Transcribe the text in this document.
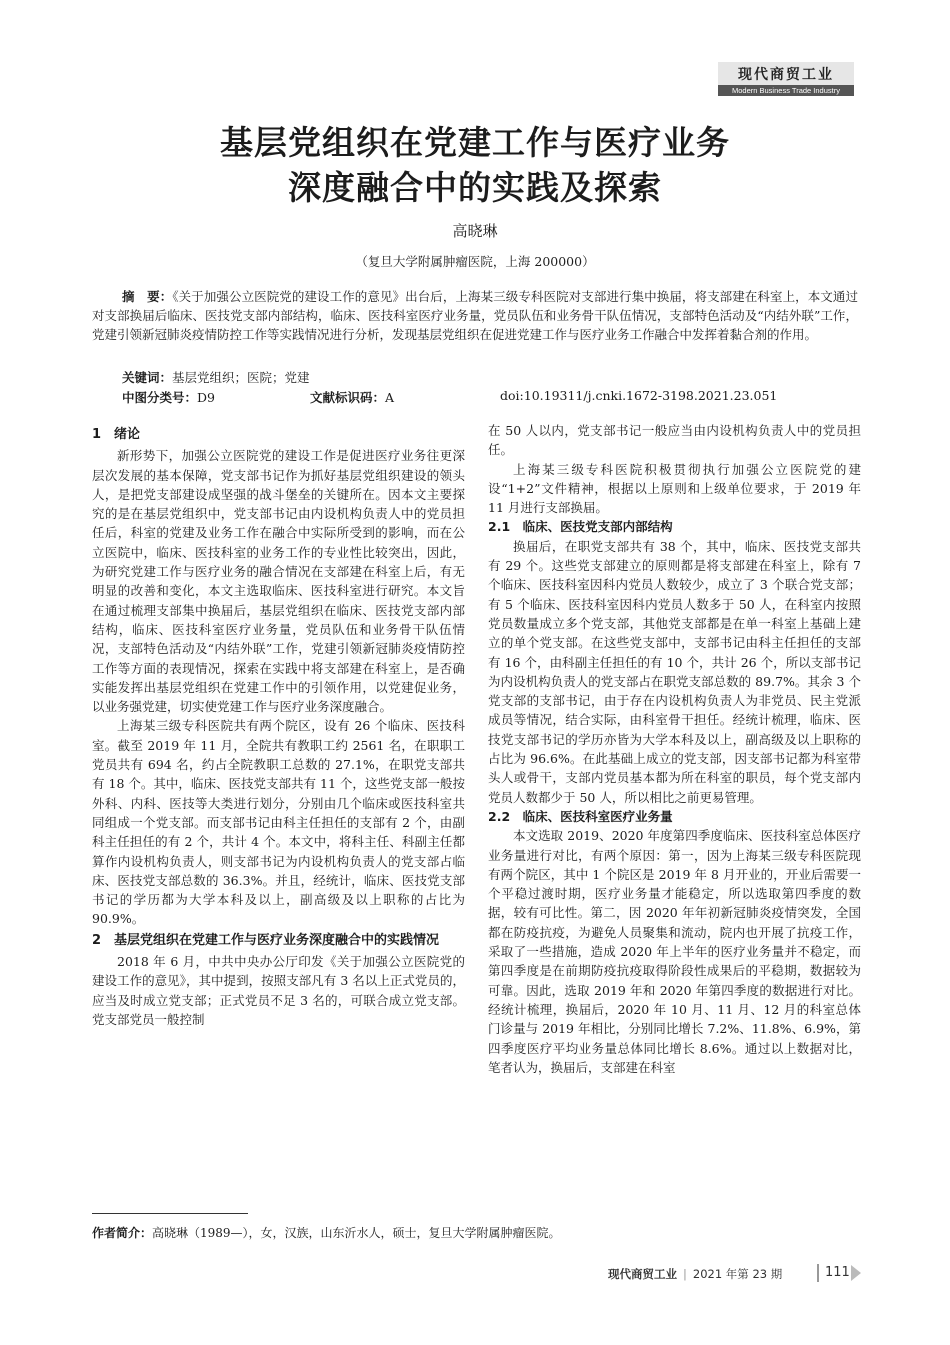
现代商贸工业
Modern Business Trade Industry
基层党组织在党建工作与医疗业务
深度融合中的实践及探索
高晓琳
（复旦大学附属肿瘤医院，上海 200000）
摘　要：《关于加强公立医院党的建设工作的意见》出台后，上海某三级专科医院对支部进行集中换届，将支部建在科室上，本文通过对支部换届后临床、医技党支部内部结构，临床、医技科室医疗业务量，党员队伍和业务骨干队伍情况，支部特色活动及“内结外联”工作，党建引领新冠肺炎疫情防控工作等实践情况进行分析，发现基层党组织在促进党建工作与医疗业务工作融合中发挥着黏合剂的作用。
关键词：基层党组织；医院；党建
中图分类号：D9	文献标识码：A	doi:10.19311/j.cnki.1672-3198.2021.23.051
1　绪论

新形势下，加强公立医院党的建设工作是促进医疗业务往更深层次发展的基本保障，党支部书记作为抓好基层党组织建设的领头人，是把党支部建设成坚强的战斗堡垒的关键所在。因本文主要探究的是在基层党组织中，党支部书记由内设机构负责人中的党员担任后，科室的党建及业务工作在融合中实际所受到的影响，而在公立医院中，临床、医技科室的业务工作的专业性比较突出，因此，为研究党建工作与医疗业务的融合情况在支部建在科室上后，有无明显的改善和变化，本文主选取临床、医技科室进行研究。本文旨在通过梳理支部集中换届后，基层党组织在临床、医技党支部内部结构，临床、医技科室医疗业务量，党员队伍和业务骨干队伍情况，支部特色活动及“内结外联”工作，党建引领新冠肺炎疫情防控工作等方面的表现情况，探索在实践中将支部建在科室上，是否确实能发挥出基层党组织在党建工作中的引领作用，以党建促业务，以业务强党建，切实使党建工作与医疗业务深度融合。

上海某三级专科医院共有两个院区，设有 26 个临床、医技科室。截至 2019 年 11 月，全院共有教职工约 2561 名，在职职工党员共有 694 名，约占全院教职工总数的 27.1%，在职党支部共有 18 个。其中，临床、医技党支部共有 11 个，这些党支部一般按外科、内科、医技等大类进行划分，分别由几个临床或医技科室共同组成一个党支部。而支部书记由科主任担任的支部有 2 个，由副科主任担任的有 2 个，共计 4 个。本文中，将科主任、科副主任都算作内设机构负责人，则支部书记为内设机构负责人的党支部占临床、医技党支部总数的 36.3%。并且，经统计，临床、医技党支部书记的学历都为大学本科及以上，副高级及以上职称的占比为 90.9%。

2　基层党组织在党建工作与医疗业务深度融合中的实践情况

2018 年 6 月，中共中央办公厅印发《关于加强公立医院党的建设工作的意见》，其中提到，按照支部凡有 3 名以上正式党员的，应当及时成立党支部；正式党员不足 3 名的，可联合成立党支部。党支部党员一般控制

在 50 人以内，党支部书记一般应当由内设机构负责人中的党员担任。

上海某三级专科医院积极贯彻执行加强公立医院党的建设“1+2”文件精神，根据以上原则和上级单位要求，于 2019 年 11 月进行支部换届。

2.1　临床、医技党支部内部结构

换届后，在职党支部共有 38 个，其中，临床、医技党支部共有 29 个。这些党支部建立的原则都是将支部建在科室上，除有 7 个临床、医技科室因科内党员人数较少，成立了 3 个联合党支部；有 5 个临床、医技科室因科内党员人数多于 50 人，在科室内按照党员数量成立多个党支部，其他党支部都是在单一科室上基础上建立的单个党支部。在这些党支部中，支部书记由科主任担任的支部有 16 个，由科副主任担任的有 10 个，共计 26 个，所以支部书记为内设机构负责人的党支部占在职党支部总数的 89.7%。其余 3 个党支部的支部书记，由于存在内设机构负责人为非党员、民主党派成员等情况，结合实际，由科室骨干担任。经统计梳理，临床、医技党支部书记的学历亦皆为大学本科及以上，副高级及以上职称的占比为 96.6%。在此基础上成立的党支部，因支部书记都为科室带头人或骨干，支部内党员基本都为所在科室的职员，每个党支部内党员人数都少于 50 人，所以相比之前更易管理。

2.2　临床、医技科室医疗业务量

本文选取 2019、2020 年度第四季度临床、医技科室总体医疗业务量进行对比，有两个原因：第一，因为上海某三级专科医院现有两个院区，其中 1 个院区是 2019 年 8 月开业的，开业后需要一个平稳过渡时期，医疗业务量才能稳定，所以选取第四季度的数据，较有可比性。第二，因 2020 年年初新冠肺炎疫情突发，全国都在防疫抗疫，为避免人员聚集和流动，院内也开展了抗疫工作，采取了一些措施，造成 2020 年上半年的医疗业务量并不稳定，而第四季度是在前期防疫抗疫取得阶段性成果后的平稳期，数据较为可靠。因此，选取 2019 年和 2020 年第四季度的数据进行对比。经统计梳理，换届后，2020 年 10 月、11 月、12 月的科室总体门诊量与 2019 年相比，分别同比增长 7.2%、11.8%、6.9%，第四季度医疗平均业务量总体同比增长 8.6%。通过以上数据对比，笔者认为，换届后，支部建在科室

作者简介：高晓琳（1989—），女，汉族，山东沂水人，硕士，复旦大学附属肿瘤医院。
现代商贸工业 | 2021 年第 23 期	111
